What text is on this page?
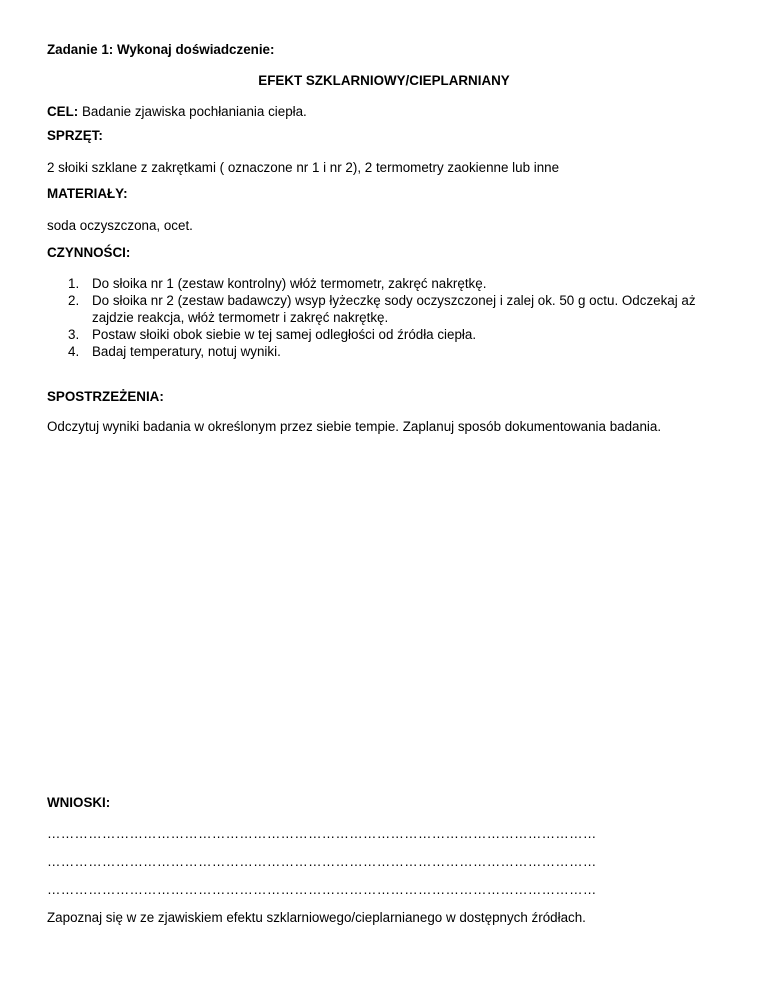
Zadanie 1: Wykonaj doświadczenie:
EFEKT SZKLARNIOWY/CIEPLARNIANY
CEL: Badanie zjawiska pochłaniania ciepła.
SPRZĘT:
2 słoiki szklane z zakrętkami ( oznaczone nr 1 i nr 2), 2 termometry zaokienne lub inne
MATERIAŁY:
soda oczyszczona, ocet.
CZYNNOŚCI:
1. Do słoika nr 1 (zestaw kontrolny) włóż termometr, zakręć nakrętkę.
2. Do słoika nr 2 (zestaw badawczy) wsyp łyżeczkę sody oczyszczonej i zalej ok. 50 g octu. Odczekaj aż zajdzie reakcja, włóż termometr i zakręć nakrętkę.
3. Postaw słoiki obok siebie w tej samej odległości od źródła ciepła.
4. Badaj temperatury, notuj wyniki.
SPOSTRZEŻENIA:
Odczytuj wyniki badania w określonym przez siebie tempie. Zaplanuj sposób dokumentowania badania.
WNIOSKI:
…………………………………………………………………………………………………………
…………………………………………………………………………………………………………
…………………………………………………………………………………………………………
Zapoznaj się w ze zjawiskiem efektu szklarniowego/cieplarnianego w dostępnych źródłach.
